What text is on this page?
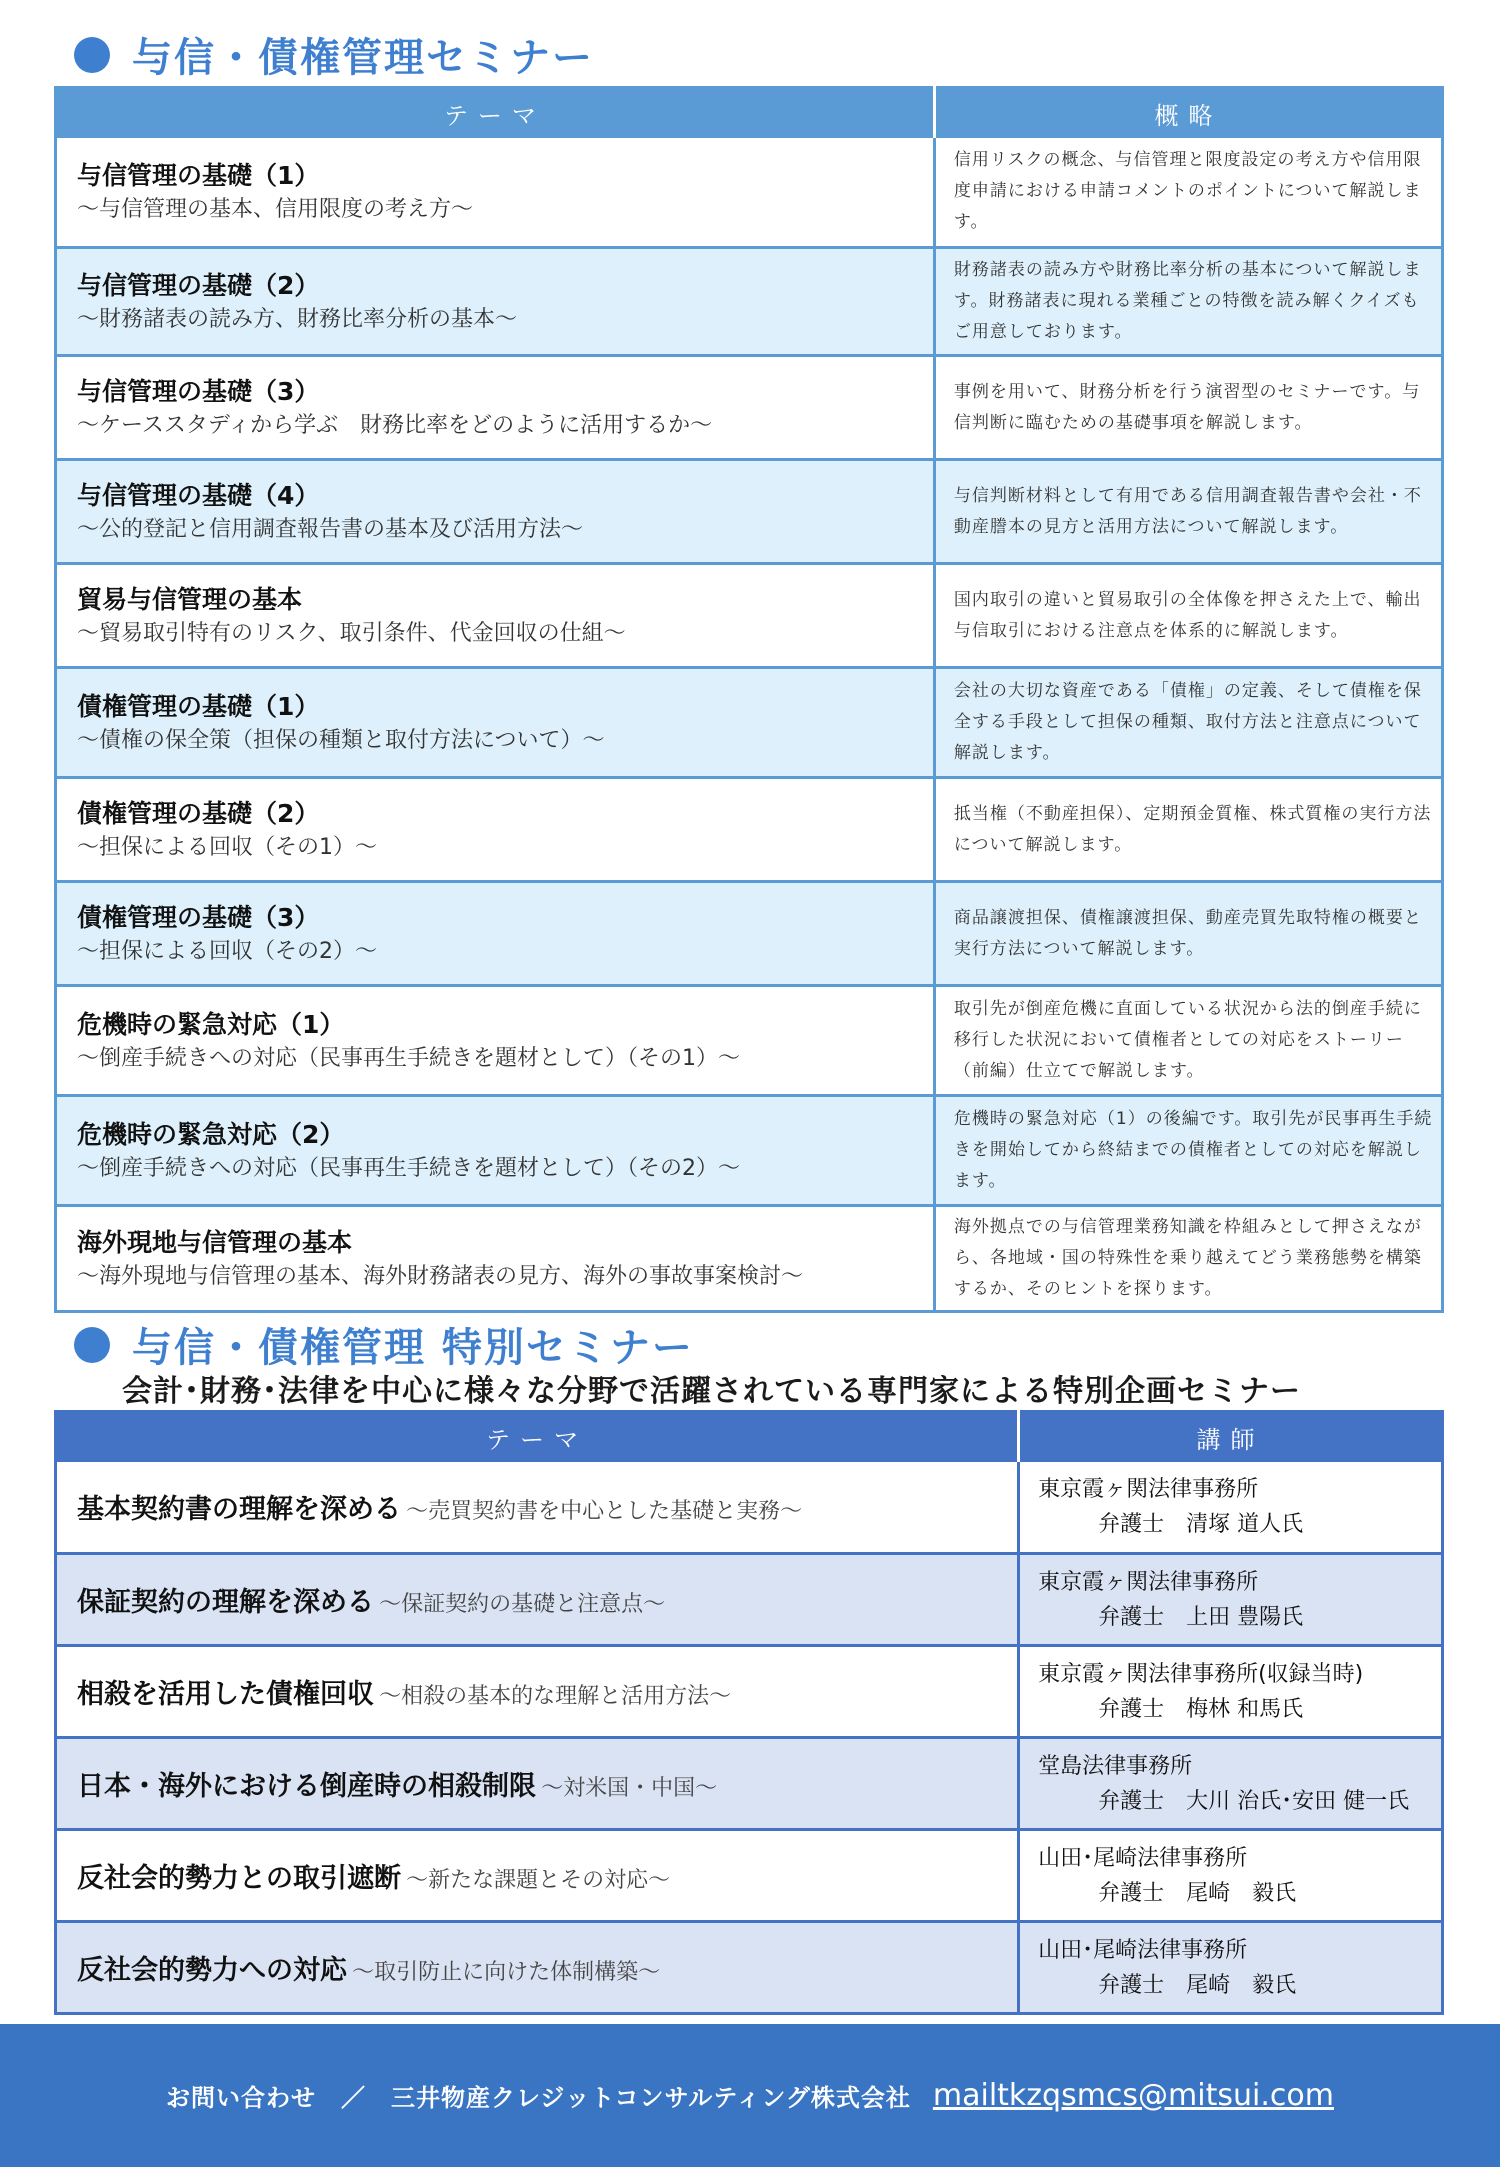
与信・債権管理セミナー
テーマ	概略

与信管理の基礎（1）
～与信管理の基本、信用限度の考え方～	信用リスクの概念、与信管理と限度設定の考え方や信用限度申請における申請コメントのポイントについて解説します。

与信管理の基礎（2）
～財務諸表の読み方、財務比率分析の基本～	財務諸表の読み方や財務比率分析の基本について解説します。財務諸表に現れる業種ごとの特徴を読み解くクイズもご用意しております。

与信管理の基礎（3）
～ケーススタディから学ぶ　財務比率をどのように活用するか～	事例を用いて、財務分析を行う演習型のセミナーです。与信判断に臨むための基礎事項を解説します。

与信管理の基礎（4）
～公的登記と信用調査報告書の基本及び活用方法～	与信判断材料として有用である信用調査報告書や会社・不動産謄本の見方と活用方法について解説します。

貿易与信管理の基本
～貿易取引特有のリスク、取引条件、代金回収の仕組～	国内取引の違いと貿易取引の全体像を押さえた上で、輸出与信取引における注意点を体系的に解説します。

債権管理の基礎（1）
～債権の保全策（担保の種類と取付方法について）～	会社の大切な資産である「債権」の定義、そして債権を保全する手段として担保の種類、取付方法と注意点について解説します。

債権管理の基礎（2）
～担保による回収（その1）～	抵当権（不動産担保）、定期預金質権、株式質権の実行方法について解説します。

債権管理の基礎（3）
～担保による回収（その2）～	商品譲渡担保、債権譲渡担保、動産売買先取特権の概要と実行方法について解説します。

危機時の緊急対応（1）
～倒産手続きへの対応（民事再生手続きを題材として）（その1）～	取引先が倒産危機に直面している状況から法的倒産手続に移行した状況において債権者としての対応をストーリー（前編）仕立てで解説します。

危機時の緊急対応（2）
～倒産手続きへの対応（民事再生手続きを題材として）（その2）～	危機時の緊急対応（1）の後編です。取引先が民事再生手続きを開始してから終結までの債権者としての対応を解説します。

海外現地与信管理の基本
～海外現地与信管理の基本、海外財務諸表の見方、海外の事故事案検討～	海外拠点での与信管理業務知識を枠組みとして押さえながら、各地域・国の特殊性を乗り越えてどう業務態勢を構築するか、そのヒントを探ります。
与信・債権管理 特別セミナー
会計･財務･法律を中心に様々な分野で活躍されている専門家による特別企画セミナー
テーマ	講師
基本契約書の理解を深める ～売買契約書を中心とした基礎と実務～	東京霞ヶ関法律事務所
弁護士　清塚 道人氏

保証契約の理解を深める ～保証契約の基礎と注意点～	東京霞ヶ関法律事務所
弁護士　上田 豊陽氏

相殺を活用した債権回収 ～相殺の基本的な理解と活用方法～	東京霞ヶ関法律事務所(収録当時)
弁護士　梅林 和馬氏

日本・海外における倒産時の相殺制限 ～対米国・中国～	堂島法律事務所
弁護士　大川 治氏･安田 健一氏

反社会的勢力との取引遮断 ～新たな課題とその対応～	山田･尾崎法律事務所
弁護士　尾崎　毅氏

反社会的勢力への対応 ～取引防止に向けた体制構築～	山田･尾崎法律事務所
弁護士　尾崎　毅氏
お問い合わせ　／　三井物産クレジットコンサルティング株式会社 mailtkzqsmcs@mitsui.com
